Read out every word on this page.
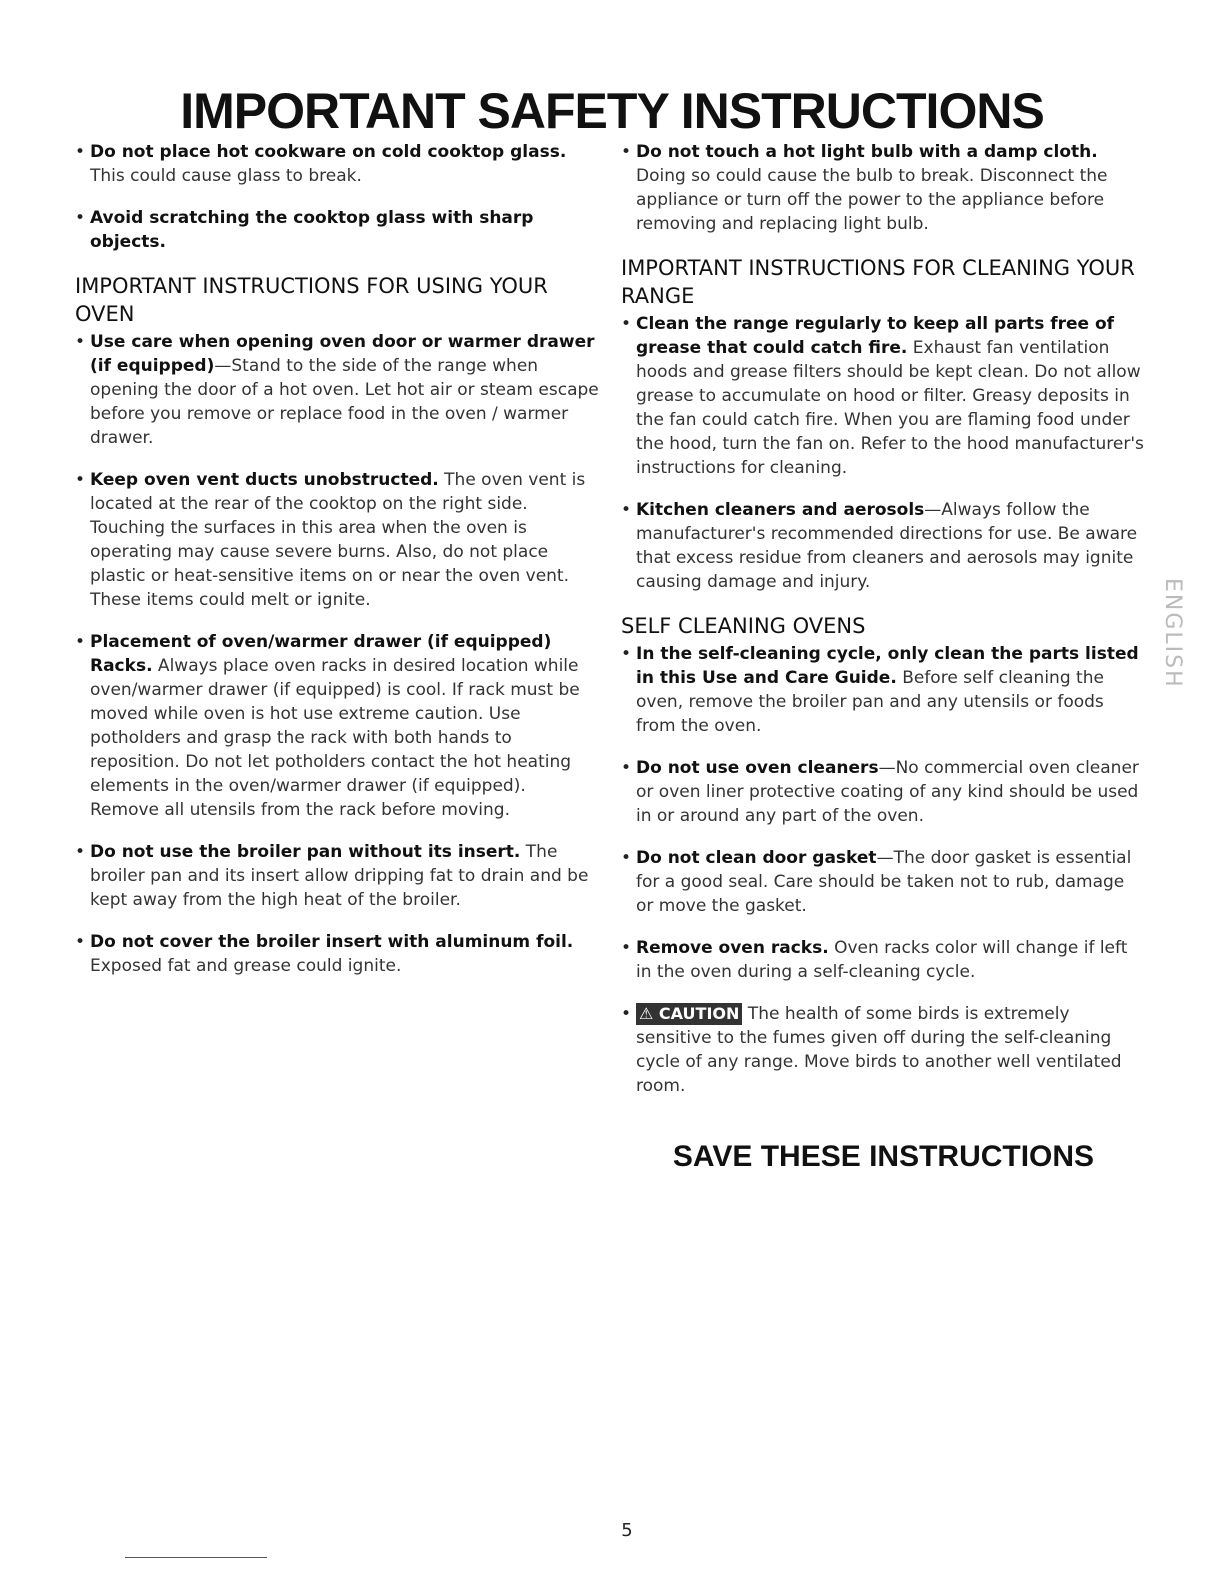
IMPORTANT SAFETY INSTRUCTIONS
• Do not place hot cookware on cold cooktop glass. This could cause glass to break.
• Avoid scratching the cooktop glass with sharp objects.
IMPORTANT INSTRUCTIONS FOR USING YOUR OVEN
• Use care when opening oven door or warmer drawer (if equipped)—Stand to the side of the range when opening the door of a hot oven. Let hot air or steam escape before you remove or replace food in the oven / warmer drawer.
• Keep oven vent ducts unobstructed. The oven vent is located at the rear of the cooktop on the right side. Touching the surfaces in this area when the oven is operating may cause severe burns. Also, do not place plastic or heat-sensitive items on or near the oven vent. These items could melt or ignite.
• Placement of oven/warmer drawer (if equipped) Racks. Always place oven racks in desired location while oven/warmer drawer (if equipped) is cool. If rack must be moved while oven is hot use extreme caution. Use potholders and grasp the rack with both hands to reposition. Do not let potholders contact the hot heating elements in the oven/warmer drawer (if equipped). Remove all utensils from the rack before moving.
• Do not use the broiler pan without its insert. The broiler pan and its insert allow dripping fat to drain and be kept away from the high heat of the broiler.
• Do not cover the broiler insert with aluminum foil. Exposed fat and grease could ignite.
• Do not touch a hot light bulb with a damp cloth. Doing so could cause the bulb to break. Disconnect the appliance or turn off the power to the appliance before removing and replacing light bulb.
IMPORTANT INSTRUCTIONS FOR CLEANING YOUR RANGE
• Clean the range regularly to keep all parts free of grease that could catch fire. Exhaust fan ventilation hoods and grease filters should be kept clean. Do not allow grease to accumulate on hood or filter. Greasy deposits in the fan could catch fire. When you are flaming food under the hood, turn the fan on. Refer to the hood manufacturer's instructions for cleaning.
• Kitchen cleaners and aerosols—Always follow the manufacturer's recommended directions for use. Be aware that excess residue from cleaners and aerosols may ignite causing damage and injury.
SELF CLEANING OVENS
• In the self-cleaning cycle, only clean the parts listed in this Use and Care Guide. Before self cleaning the oven, remove the broiler pan and any utensils or foods from the oven.
• Do not use oven cleaners—No commercial oven cleaner or oven liner protective coating of any kind should be used in or around any part of the oven.
• Do not clean door gasket—The door gasket is essential for a good seal. Care should be taken not to rub, damage or move the gasket.
• Remove oven racks. Oven racks color will change if left in the oven during a self-cleaning cycle.
• ⚠ CAUTION The health of some birds is extremely sensitive to the fumes given off during the self-cleaning cycle of any range. Move birds to another well ventilated room.
SAVE THESE INSTRUCTIONS
ENGLISH
5
